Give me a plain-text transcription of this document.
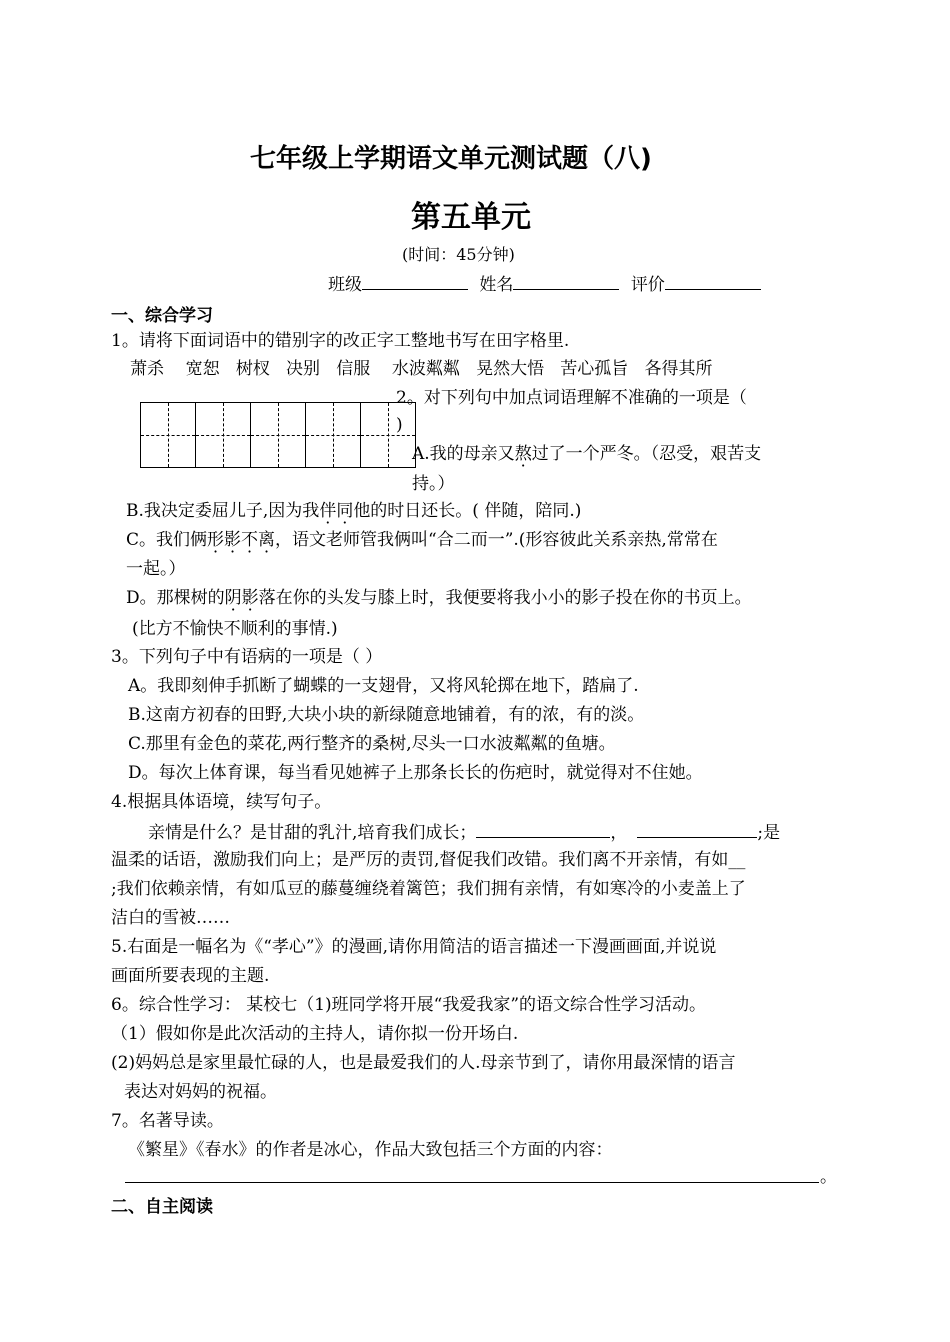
七年级上学期语文单元测试题（八)
第五单元
(时间：45分钟)
班级	姓名	评价
一、综合学习
1。请将下面词语中的错别字的改正字工整地书写在田字格里.
萧杀    宽恕   树杈   决别   信服    水波粼粼   晃然大悟   苦心孤旨   各得其所
2。对下列句中加点词语理解不准确的一项是（
)
A.我的母亲又熬过了一个严冬。（忍受，艰苦支
持。）
B.我决定委屈儿子,因为我伴同他的时日还长。( 伴随，陪同.)
C。我们俩形影不离，语文老师管我俩叫“合二而一”.(形容彼此关系亲热,常常在
一起。）
D。那棵树的阴影落在你的头发与膝上时，我便要将我小小的影子投在你的书页上。
(比方不愉快不顺利的事情.)
3。下列句子中有语病的一项是（ ）
A。我即刻伸手抓断了蝴蝶的一支翅骨，又将风轮掷在地下，踏扁了.
B.这南方初春的田野,大块小块的新绿随意地铺着，有的浓，有的淡。
C.那里有金色的菜花,两行整齐的桑树,尽头一口水波粼粼的鱼塘。
D。每次上体育课，每当看见她裤子上那条长长的伤疤时，就觉得对不住她。
4.根据具体语境，续写句子。
亲情是什么？是甘甜的乳汁,培育我们成长；	，	;是
温柔的话语，激励我们向上；是严厉的责罚,督促我们改错。我们离不开亲情，有如__
;我们依赖亲情，有如瓜豆的藤蔓缠绕着篱笆；我们拥有亲情，有如寒冷的小麦盖上了
洁白的雪被……
5.右面是一幅名为《“孝心”》的漫画,请你用简洁的语言描述一下漫画画面,并说说
画面所要表现的主题.
6。综合性学习： 某校七（1)班同学将开展“我爱我家”的语文综合性学习活动。
（1）假如你是此次活动的主持人，请你拟一份开场白.
(2)妈妈总是家里最忙碌的人，也是最爱我们的人.母亲节到了，请你用最深情的语言
表达对妈妈的祝福。
7。名著导读。
《繁星》《春水》的作者是冰心，作品大致包括三个方面的内容：
。
二、自主阅读
